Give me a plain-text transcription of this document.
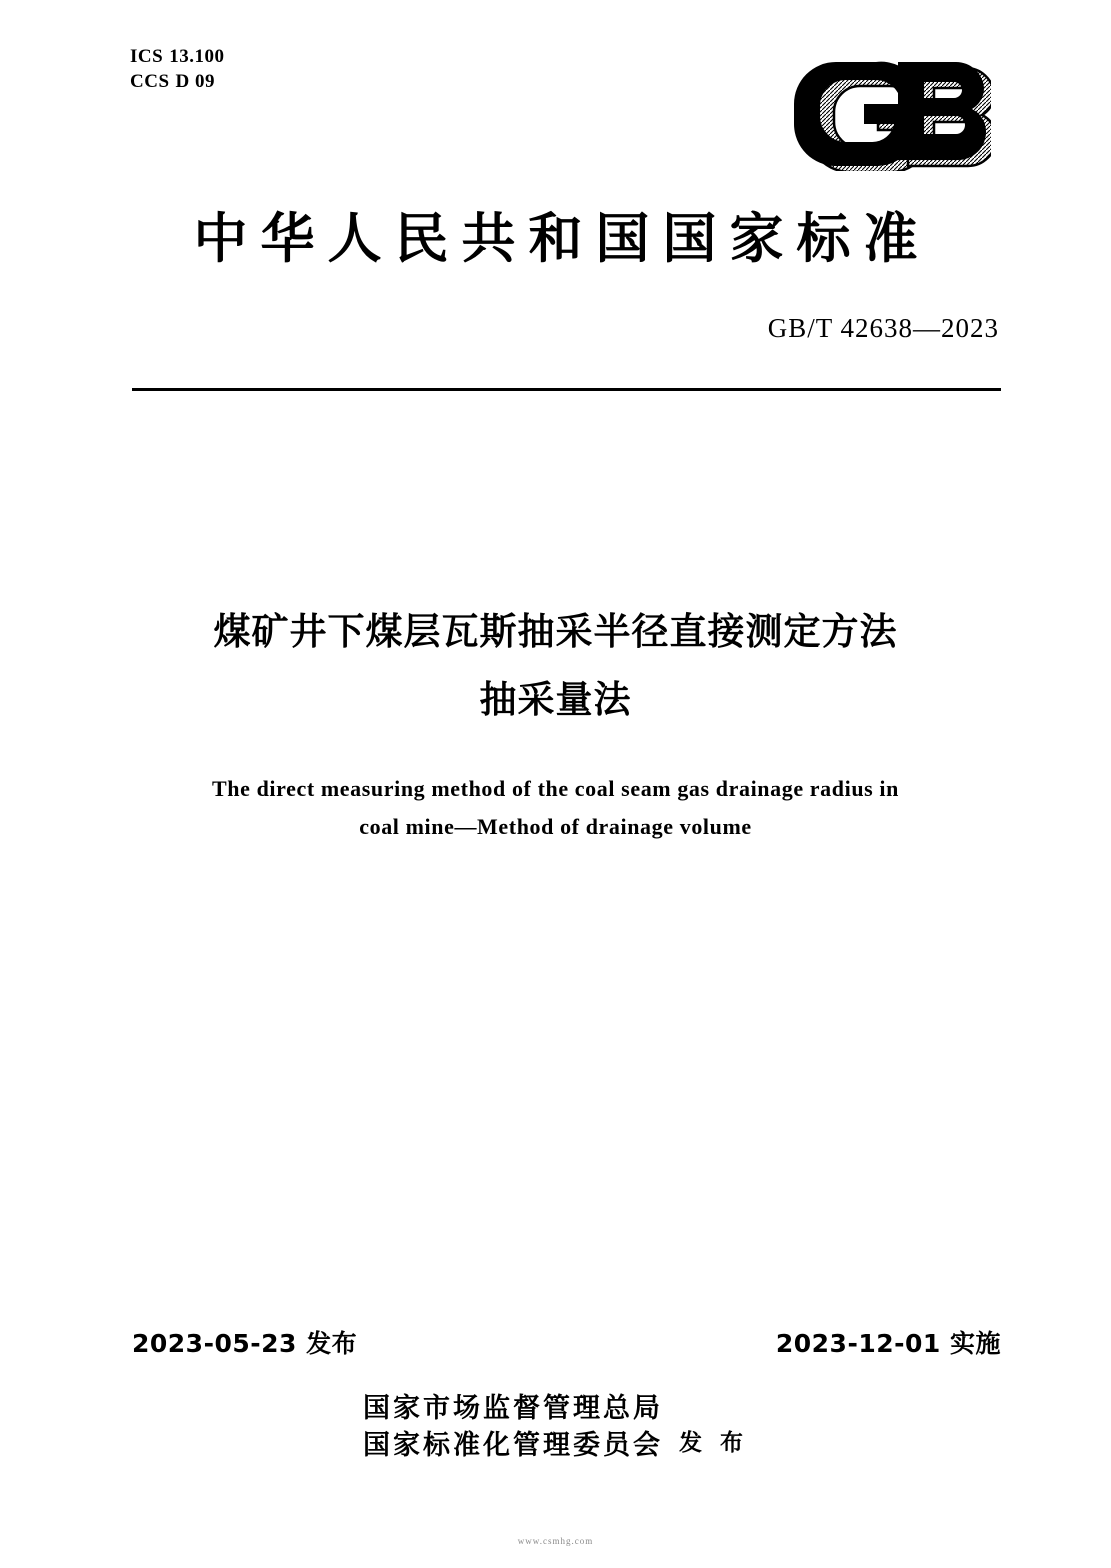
ICS 13.100
CCS D 09
中华人民共和国国家标准
GB/T 42638—2023
煤矿井下煤层瓦斯抽采半径直接测定方法
抽采量法
The direct measuring method of the coal seam gas drainage radius in
coal mine—Method of drainage volume
2023-05-23 发布	2023-12-01 实施
国家市场监督管理总局
国家标准化管理委员会 发 布
www.csmhg.com
